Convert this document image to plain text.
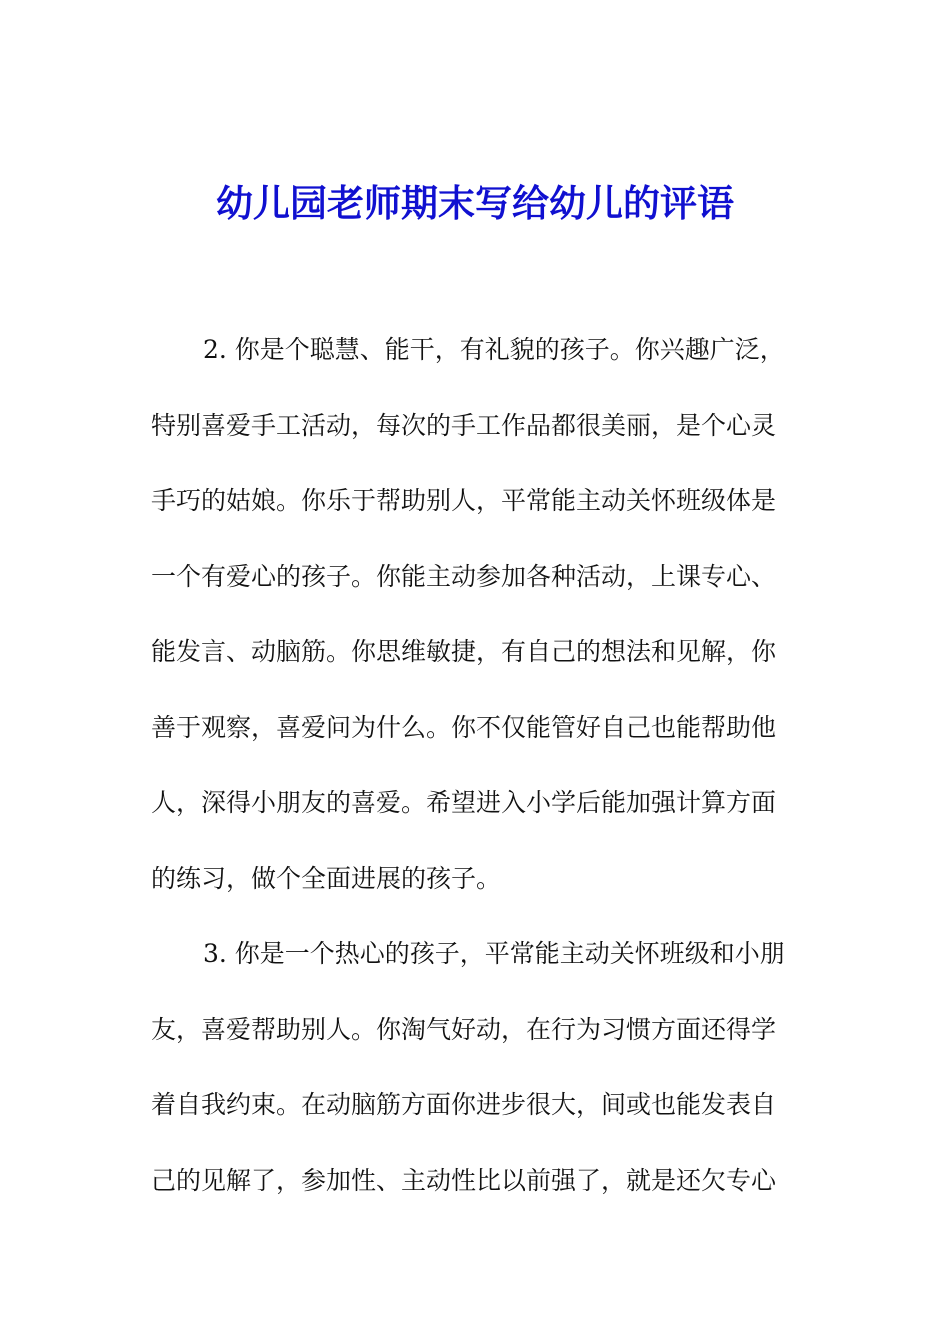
幼儿园老师期末写给幼儿的评语
2. 你是个聪慧、能干，有礼貌的孩子。你兴趣广泛，
特别喜爱手工活动，每次的手工作品都很美丽，是个心灵
手巧的姑娘。你乐于帮助别人，平常能主动关怀班级体是
一个有爱心的孩子。你能主动参加各种活动，上课专心、
能发言、动脑筋。你思维敏捷，有自己的想法和见解，你
善于观察，喜爱问为什么。你不仅能管好自己也能帮助他
人，深得小朋友的喜爱。希望进入小学后能加强计算方面
的练习，做个全面进展的孩子。
3. 你是一个热心的孩子，平常能主动关怀班级和小朋
友，喜爱帮助别人。你淘气好动，在行为习惯方面还得学
着自我约束。在动脑筋方面你进步很大，间或也能发表自
己的见解了，参加性、主动性比以前强了，就是还欠专心
